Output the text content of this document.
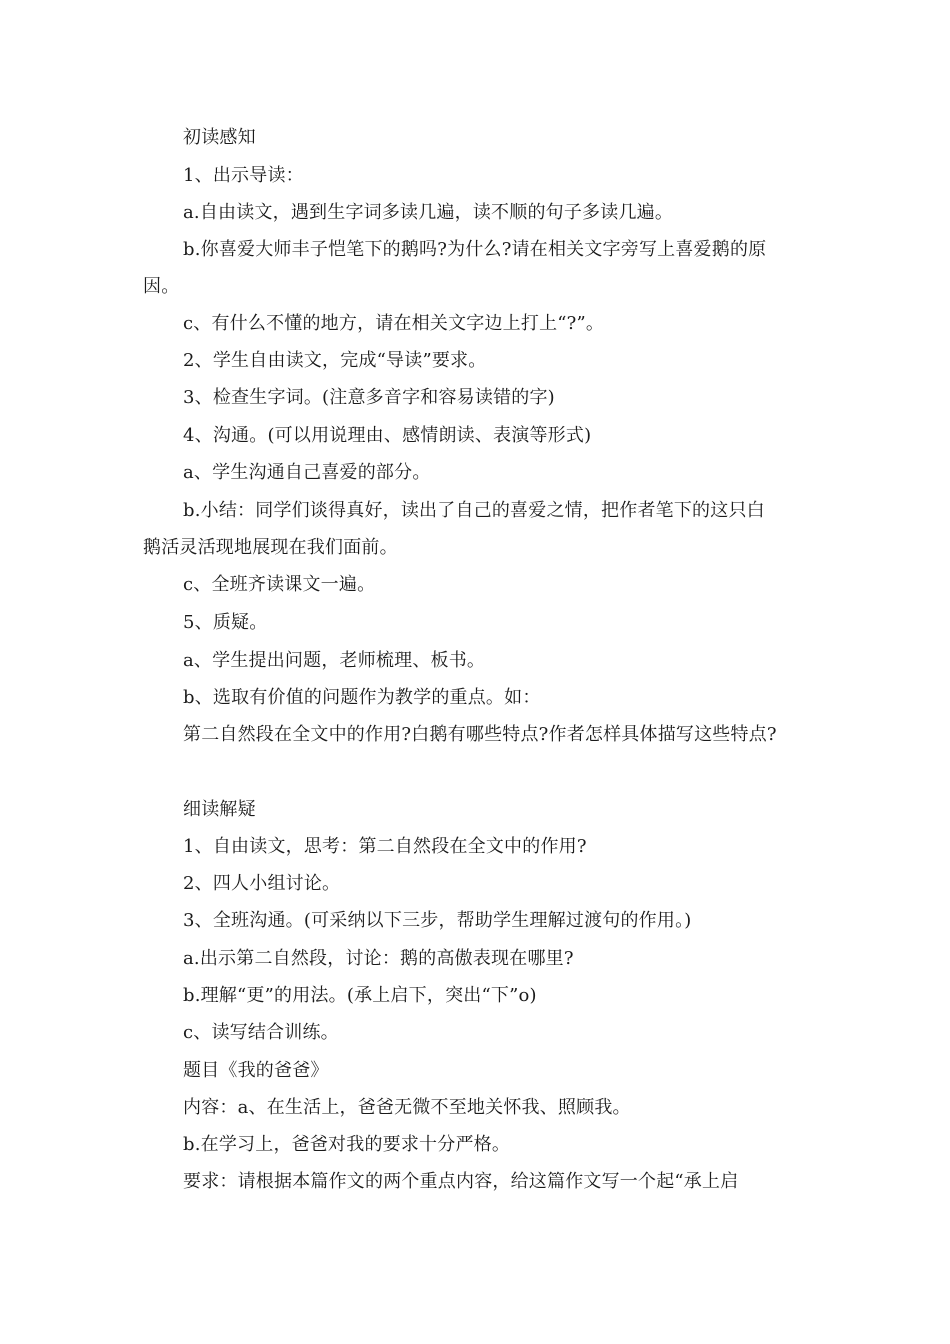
初读感知
1、出示导读：
a.自由读文，遇到生字词多读几遍，读不顺的句子多读几遍。
b.你喜爱大师丰子恺笔下的鹅吗?为什么?请在相关文字旁写上喜爱鹅的原
因。
c、有什么不懂的地方，请在相关文字边上打上“?”。
2、学生自由读文，完成“导读”要求。
3、检查生字词。(注意多音字和容易读错的字)
4、沟通。(可以用说理由、感情朗读、表演等形式)
a、学生沟通自己喜爱的部分。
b.小结：同学们谈得真好，读出了自己的喜爱之情，把作者笔下的这只白
鹅活灵活现地展现在我们面前。
c、全班齐读课文一遍。
5、质疑。
a、学生提出问题，老师梳理、板书。
b、选取有价值的问题作为教学的重点。如：
第二自然段在全文中的作用?白鹅有哪些特点?作者怎样具体描写这些特点?
细读解疑
1、自由读文，思考：第二自然段在全文中的作用?
2、四人小组讨论。
3、全班沟通。(可采纳以下三步，帮助学生理解过渡句的作用。)
a.出示第二自然段，讨论：鹅的高傲表现在哪里?
b.理解“更”的用法。(承上启下，突出“下”o)
c、读写结合训练。
题目《我的爸爸》
内容：a、在生活上，爸爸无微不至地关怀我、照顾我。
b.在学习上，爸爸对我的要求十分严格。
要求：请根据本篇作文的两个重点内容，给这篇作文写一个起“承上启
